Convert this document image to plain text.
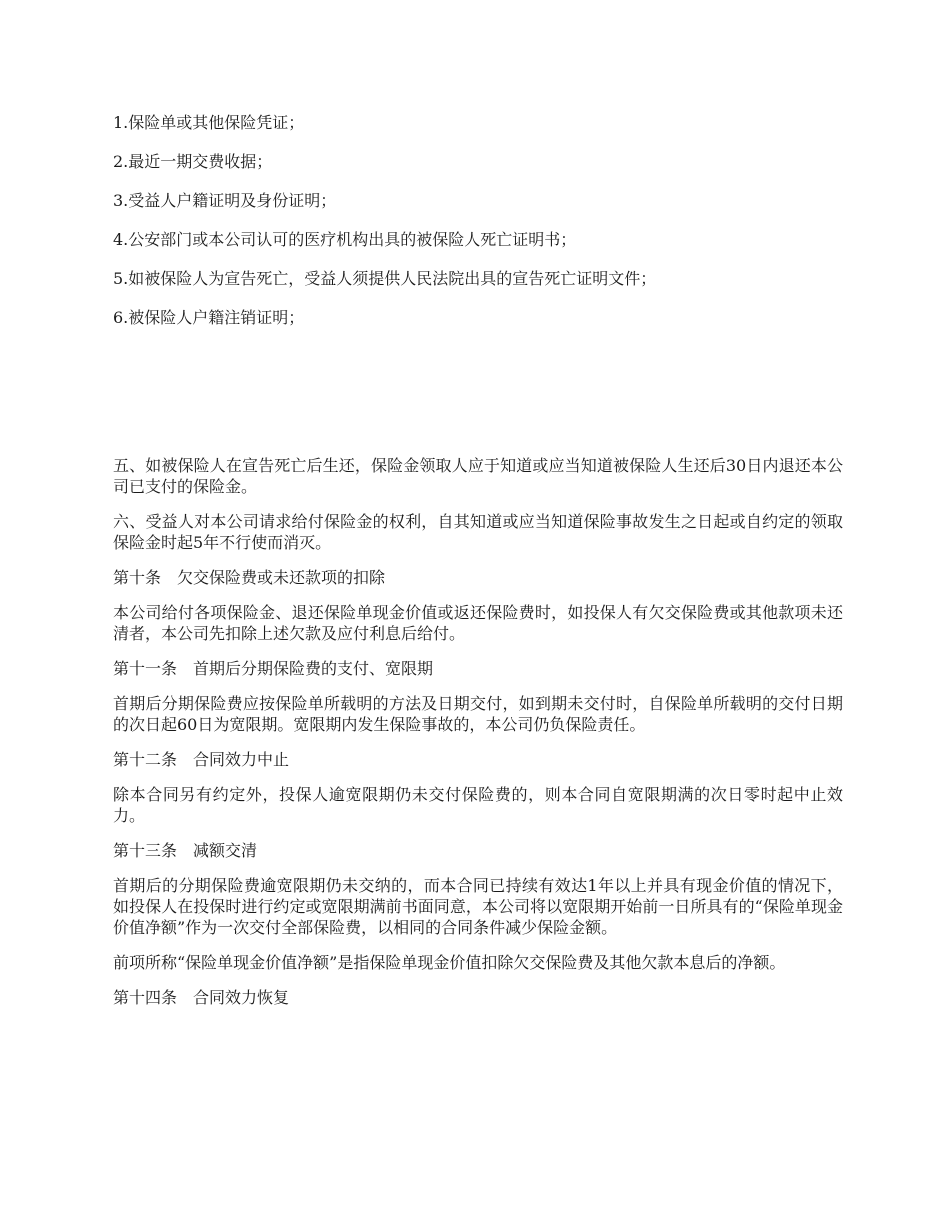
1.保险单或其他保险凭证；
2.最近一期交费收据；
3.受益人户籍证明及身份证明；
4.公安部门或本公司认可的医疗机构出具的被保险人死亡证明书；
5.如被保险人为宣告死亡，受益人须提供人民法院出具的宣告死亡证明文件；
6.被保险人户籍注销证明；

五、如被保险人在宣告死亡后生还，保险金领取人应于知道或应当知道被保险人生还后30日内退还本公司已支付的保险金。

六、受益人对本公司请求给付保险金的权利，自其知道或应当知道保险事故发生之日起或自约定的领取保险金时起5年不行使而消灭。

第十条　欠交保险费或未还款项的扣除

本公司给付各项保险金、退还保险单现金价值或返还保险费时，如投保人有欠交保险费或其他款项未还清者，本公司先扣除上述欠款及应付利息后给付。

第十一条　首期后分期保险费的支付、宽限期

首期后分期保险费应按保险单所载明的方法及日期交付，如到期未交付时，自保险单所载明的交付日期的次日起60日为宽限期。宽限期内发生保险事故的，本公司仍负保险责任。

第十二条　合同效力中止

除本合同另有约定外，投保人逾宽限期仍未交付保险费的，则本合同自宽限期满的次日零时起中止效力。

第十三条　减额交清

首期后的分期保险费逾宽限期仍未交纳的，而本合同已持续有效达1年以上并具有现金价值的情况下，如投保人在投保时进行约定或宽限期满前书面同意，本公司将以宽限期开始前一日所具有的“保险单现金价值净额”作为一次交付全部保险费，以相同的合同条件减少保险金额。

前项所称“保险单现金价值净额”是指保险单现金价值扣除欠交保险费及其他欠款本息后的净额。

第十四条　合同效力恢复
